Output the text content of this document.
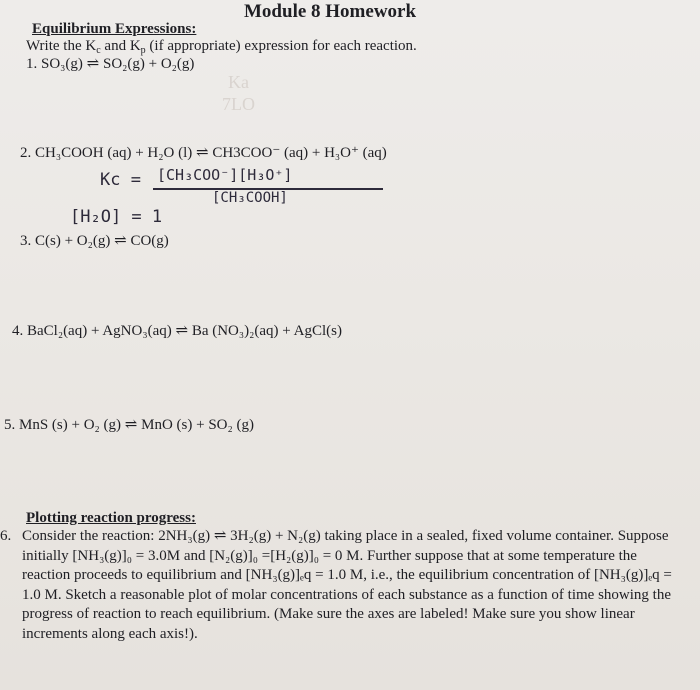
Module 8 Homework
Equilibrium Expressions:
Write the $K_c$ and $K_p$ (if appropriate) expression for each reaction.
1. SO₃(g) ⇌ SO₂(g) + O₂(g)
Ka
7LO
2. CH₃COOH (aq) + H₂O (l) ⇌ CH3COO⁻ (aq) + H₃O⁺ (aq)
Kc = [CH₃COO⁻][H₃O⁺]
[CH₃COOH]
[H₂O] = 1
3. C(s) + O₂(g) ⇌ CO(g)
4. BaCl₂(aq) + AgNO₃(aq) ⇌ Ba (NO₃)₂(aq) + AgCl(s)
5. MnS (s) + O₂ (g) ⇌ MnO (s) + SO₂ (g)
Plotting reaction progress:
6. Consider the reaction: 2NH₃(g) ⇌ 3H₂(g) + N₂(g) taking place in a sealed, fixed volume container. Suppose initially [NH₃(g)]₀ = 3.0M and [N₂(g)]₀ =[H₂(g)]₀ = 0 M. Further suppose that at some temperature the reaction proceeds to equilibrium and [NH₃(g)]ₑq = 1.0 M, i.e., the equilibrium concentration of [NH₃(g)]ₑq = 1.0 M. Sketch a reasonable plot of molar concentrations of each substance as a function of time showing the progress of reaction to reach equilibrium. (Make sure the axes are labeled! Make sure you show linear increments along each axis!).
